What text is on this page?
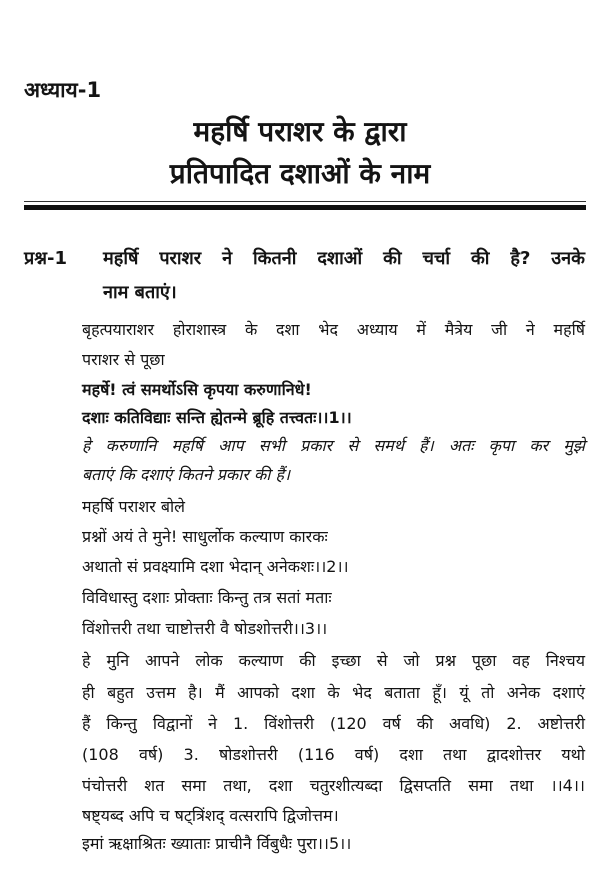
अध्याय-1
महर्षि पराशर के द्वारा
प्रतिपादित दशाओं के नाम
प्रश्न-1 महर्षि पराशर ने कितनी दशाओं की चर्चा की है? उनके
नाम बताएं।
बृहत्पयाराशर होराशास्त्र के दशा भेद अध्याय में मैत्रेय जी ने महर्षि
पराशर से पूछा
महर्षे! त्वं समर्थोऽसि कृपया करुणानिधे!
दशाः कतिविद्याः सन्ति ह्येतन्मे ब्रूहि तत्त्वतः।।1।।
हे करुणानि महर्षि आप सभी प्रकार से समर्थ हैं। अतः कृपा कर मुझे
बताएं कि दशाएं कितने प्रकार की हैं।
महर्षि पराशर बोले
प्रश्नों अयं ते मुने! साधुर्लोक कल्याण कारकः
अथातो सं प्रवक्ष्यामि दशा भेदान् अनेकशः।।2।।
विविधास्तु दशाः प्रोक्ताः किन्तु तत्र सतां मताः
विंशोत्तरी तथा चाष्टोत्तरी वै षोडशोत्तरी।।3।।
हे मुनि आपने लोक कल्याण की इच्छा से जो प्रश्न पूछा वह निश्चय
ही बहुत उत्तम है। मैं आपको दशा के भेद बताता हूँ। यूं तो अनेक दशाएं
हैं किन्तु विद्वानों ने 1. विंशोत्तरी (120 वर्ष की अवधि) 2. अष्टोत्तरी
(108 वर्ष) 3. षोडशोत्तरी (116 वर्ष) दशा तथा द्वादशोत्तर यथो
पंचोत्तरी शत समा तथा, दशा चतुरशीत्यब्दा द्विसप्तति समा तथा ।।4।।
षष्ट्यब्द अपि च षट्त्रिंशद् वत्सरापि द्विजोत्तम।
इमां ऋक्षाश्रितः ख्याताः प्राचीनै र्विबुधैः पुरा।।5।।
